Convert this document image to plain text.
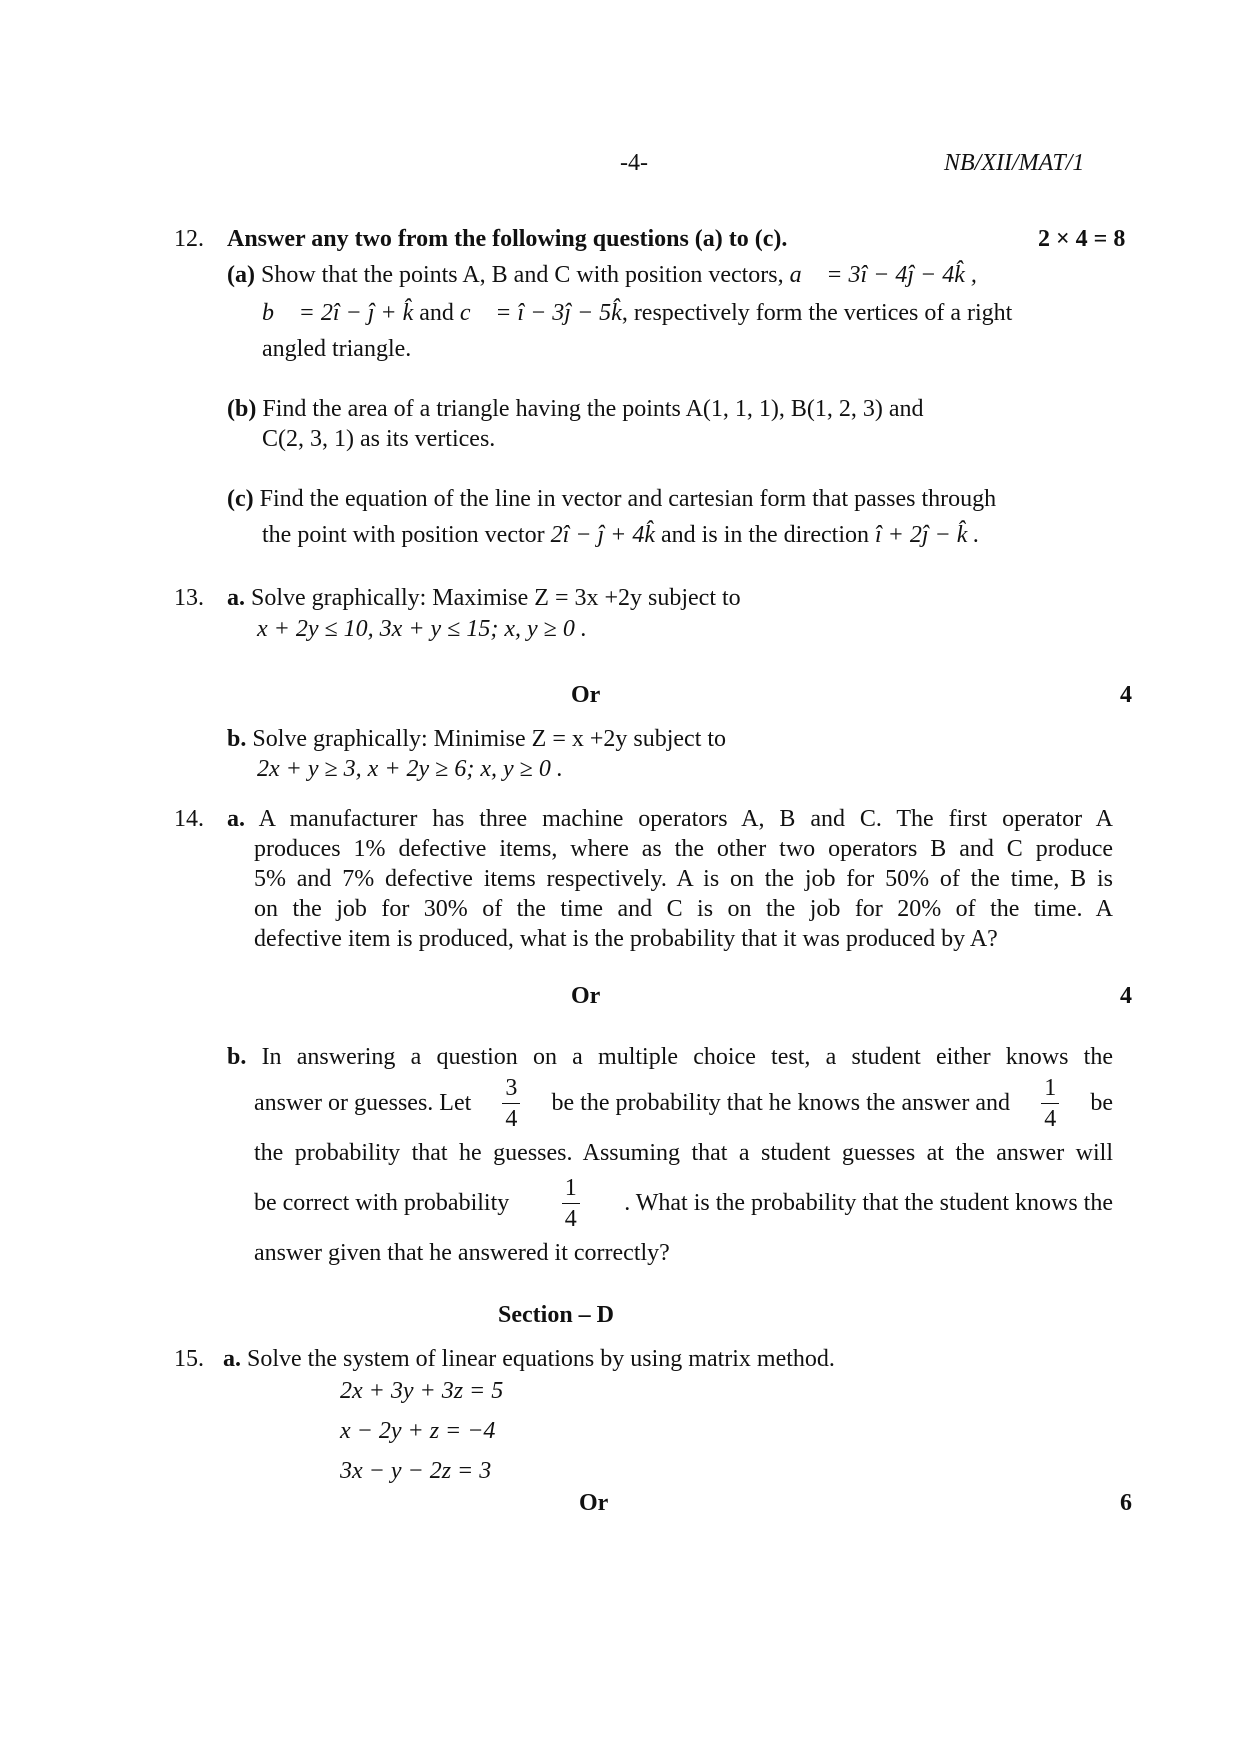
-4-	NB/XII/MAT/1
12. Answer any two from the following questions (a) to (c).	2 × 4 = 8
(a) Show that the points A, B and C with position vectors, a⃗ = 3î − 4ĵ − 4k̂ ,
b⃗ = 2î − ĵ + k̂ and c⃗ = î − 3ĵ − 5k̂, respectively form the vertices of a right
angled triangle.
(b) Find the area of a triangle having the points A(1, 1, 1), B(1, 2, 3) and
C(2, 3, 1) as its vertices.
(c) Find the equation of the line in vector and cartesian form that passes through
the point with position vector 2î − ĵ + 4k̂ and is in the direction î + 2ĵ − k̂ .
13. a. Solve graphically: Maximise Z = 3x +2y subject to
x + 2y ≤ 10, 3x + y ≤ 15; x, y ≥ 0 .
Or	4
b. Solve graphically: Minimise Z = x +2y subject to
2x + y ≥ 3, x + 2y ≥ 6; x, y ≥ 0 .
14. a. A manufacturer has three machine operators A, B and C. The first operator A
produces 1% defective items, where as the other two operators B and C produce
5% and 7% defective items respectively. A is on the job for 50% of the time, B is
on the job for 30% of the time and C is on the job for 20% of the time. A
defective item is produced, what is the probability that it was produced by A?
Or	4
b. In answering a question on a multiple choice test, a student either knows the
answer or guesses. Let $\frac{3}{4}$ be the probability that he knows the answer and $\frac{1}{4}$ be
the probability that he guesses. Assuming that a student guesses at the answer will
be correct with probability $\frac{1}{4}$ . What is the probability that the student knows the
answer given that he answered it correctly?
Section – D
15. a. Solve the system of linear equations by using matrix method.
2x + 3y + 3z = 5
x − 2y + z = −4
3x − y − 2z = 3
Or	6
